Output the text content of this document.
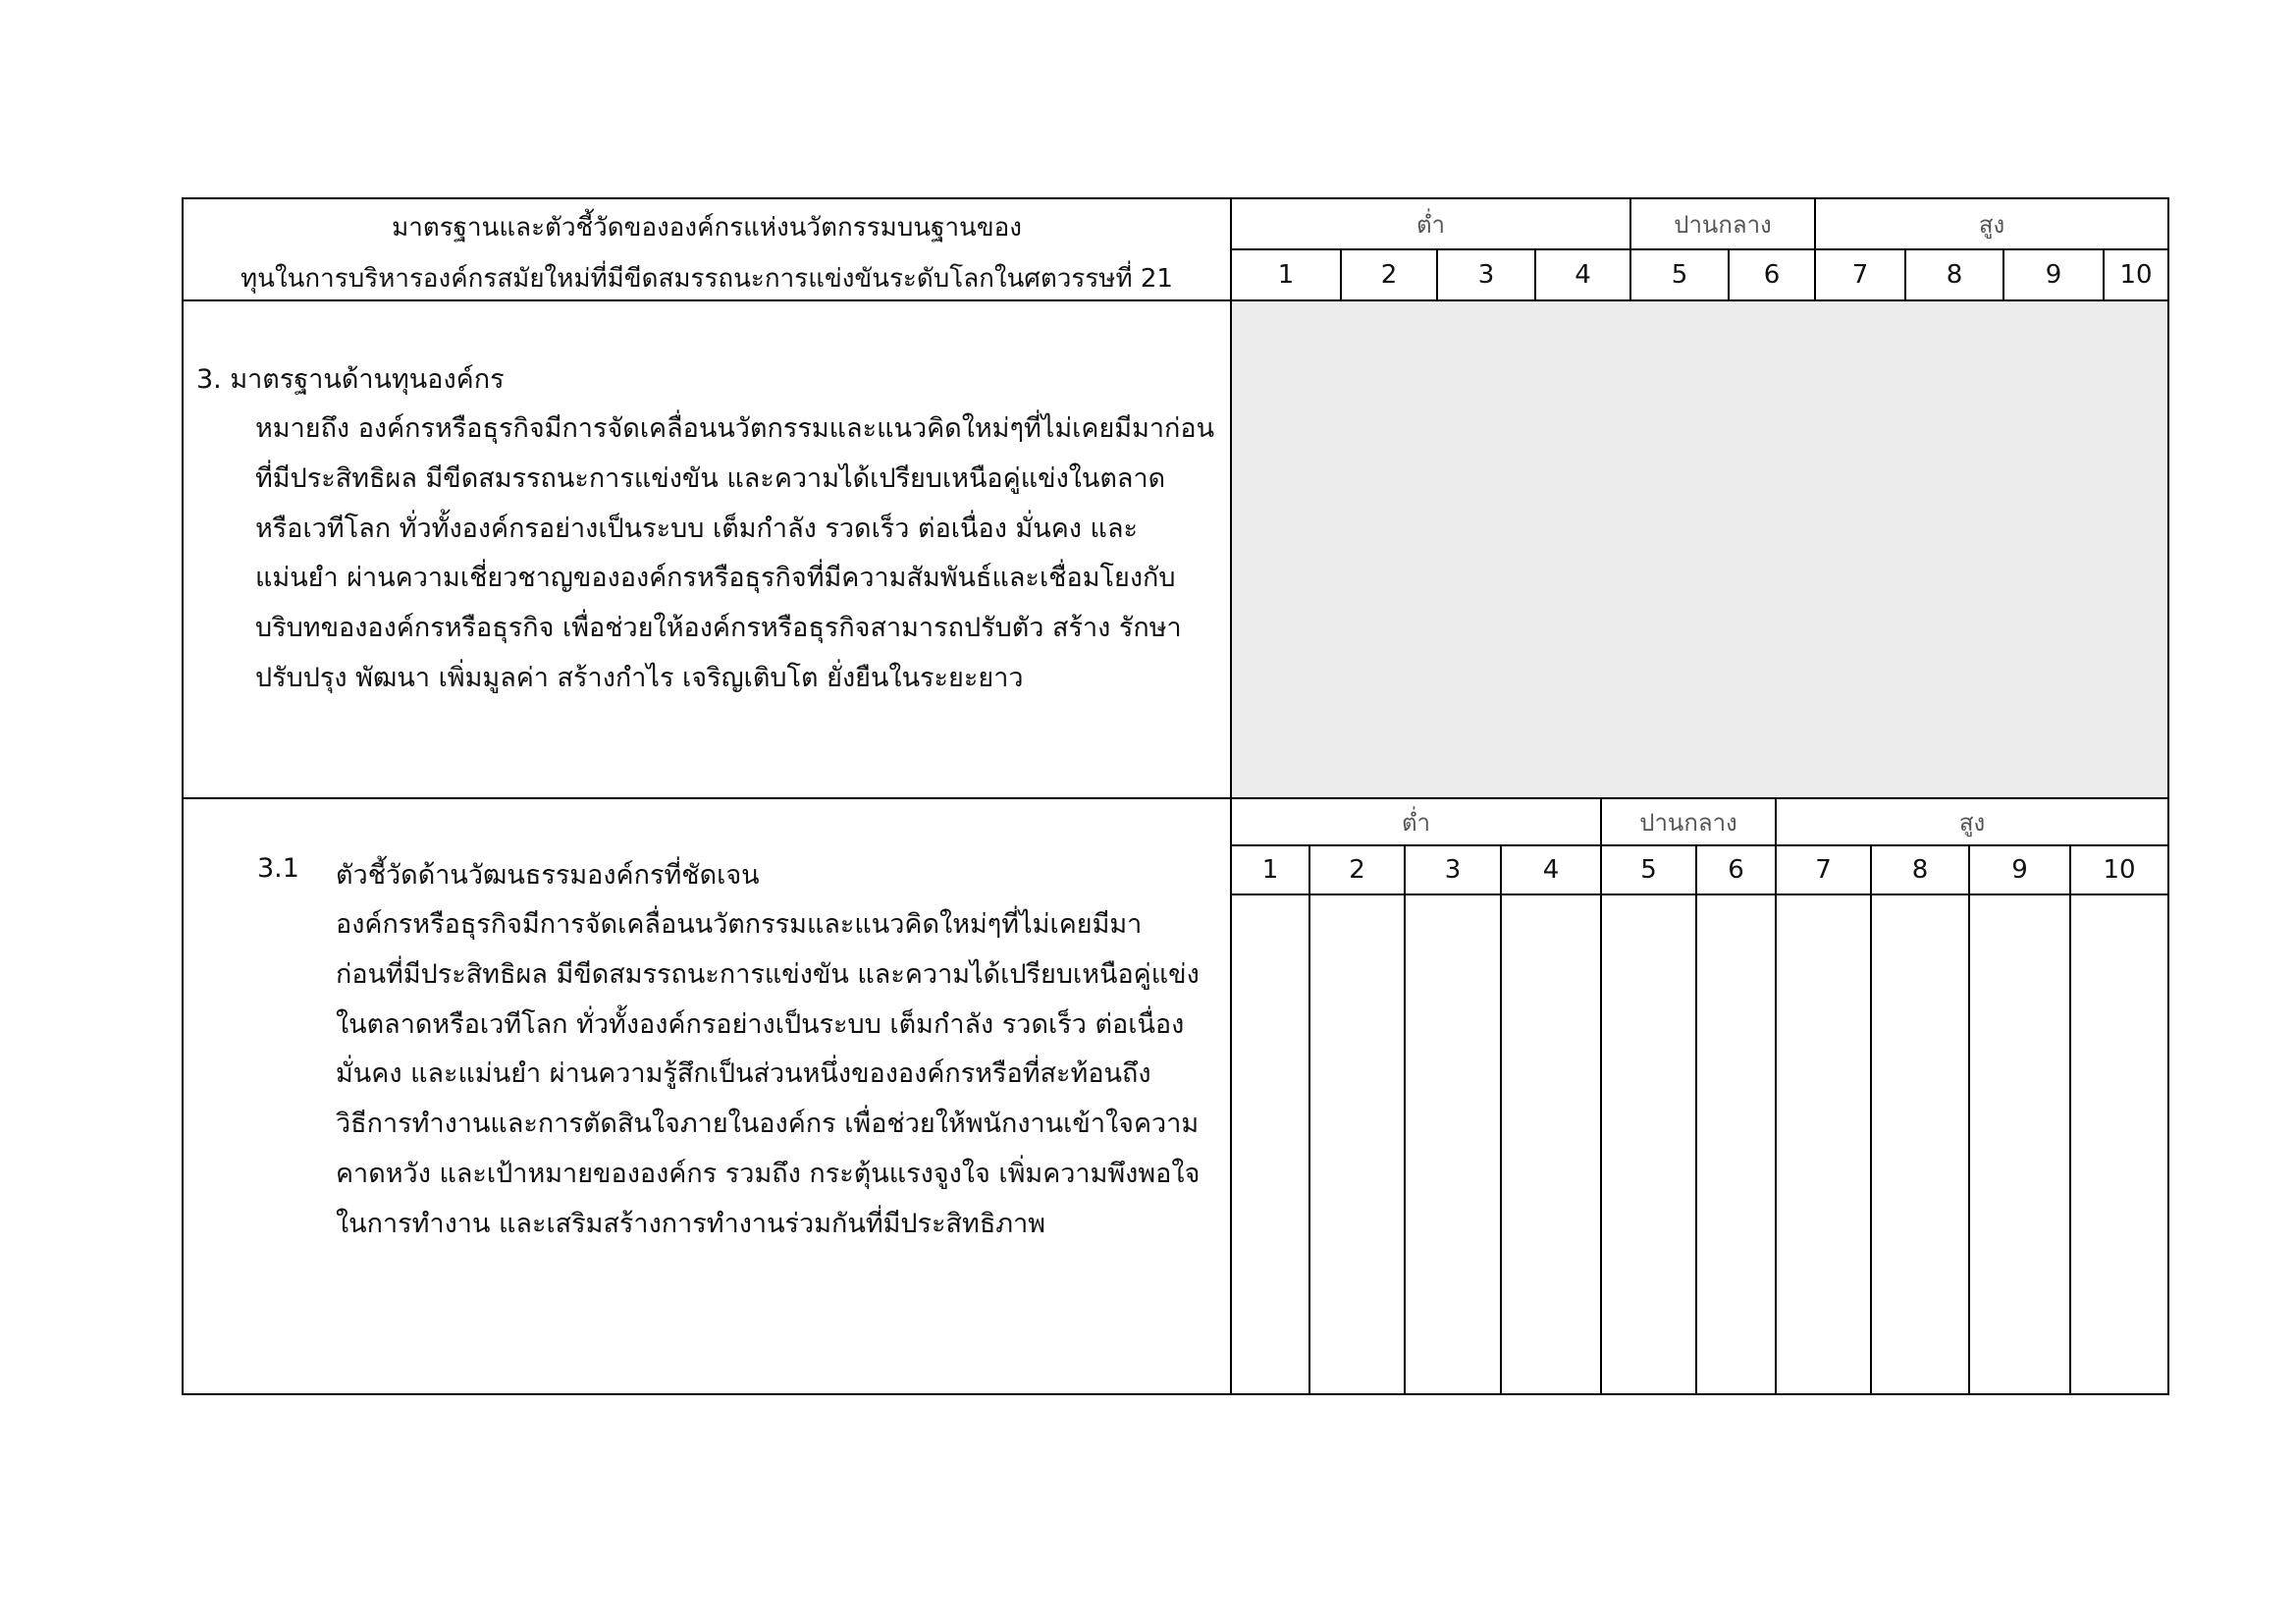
มาตรฐานและตัวชี้วัดขององค์กรแห่งนวัตกรรมบนฐานของ
ทุนในการบริหารองค์กรสมัยใหม่ที่มีขีดสมรรถนะการแข่งขันระดับโลกในศตวรรษที่ 21
ต่ำ	ปานกลาง	สูง
1	2	3	4	5	6	7	8	9	10
3. มาตรฐานด้านทุนองค์กร
หมายถึง องค์กรหรือธุรกิจมีการจัดเคลื่อนนวัตกรรมและแนวคิดใหม่ๆที่ไม่เคยมีมาก่อน
ที่มีประสิทธิผล มีขีดสมรรถนะการแข่งขัน และความได้เปรียบเหนือคู่แข่งในตลาด
หรือเวทีโลก ทั่วทั้งองค์กรอย่างเป็นระบบ เต็มกำลัง รวดเร็ว ต่อเนื่อง มั่นคง และ
แม่นยำ ผ่านความเชี่ยวชาญขององค์กรหรือธุรกิจที่มีความสัมพันธ์และเชื่อมโยงกับ
บริบทขององค์กรหรือธุรกิจ เพื่อช่วยให้องค์กรหรือธุรกิจสามารถปรับตัว สร้าง รักษา
ปรับปรุง พัฒนา เพิ่มมูลค่า สร้างกำไร เจริญเติบโต ยั่งยืนในระยะยาว
ต่ำ	ปานกลาง	สูง
1	2	3	4	5	6	7	8	9	10
3.1 ตัวชี้วัดด้านวัฒนธรรมองค์กรที่ชัดเจน
องค์กรหรือธุรกิจมีการจัดเคลื่อนนวัตกรรมและแนวคิดใหม่ๆที่ไม่เคยมีมา
ก่อนที่มีประสิทธิผล มีขีดสมรรถนะการแข่งขัน และความได้เปรียบเหนือคู่แข่ง
ในตลาดหรือเวทีโลก ทั่วทั้งองค์กรอย่างเป็นระบบ เต็มกำลัง รวดเร็ว ต่อเนื่อง
มั่นคง และแม่นยำ ผ่านความรู้สึกเป็นส่วนหนึ่งขององค์กรหรือที่สะท้อนถึง
วิธีการทำงานและการตัดสินใจภายในองค์กร เพื่อช่วยให้พนักงานเข้าใจความ
คาดหวัง และเป้าหมายขององค์กร รวมถึง กระตุ้นแรงจูงใจ เพิ่มความพึงพอใจ
ในการทำงาน และเสริมสร้างการทำงานร่วมกันที่มีประสิทธิภาพ
